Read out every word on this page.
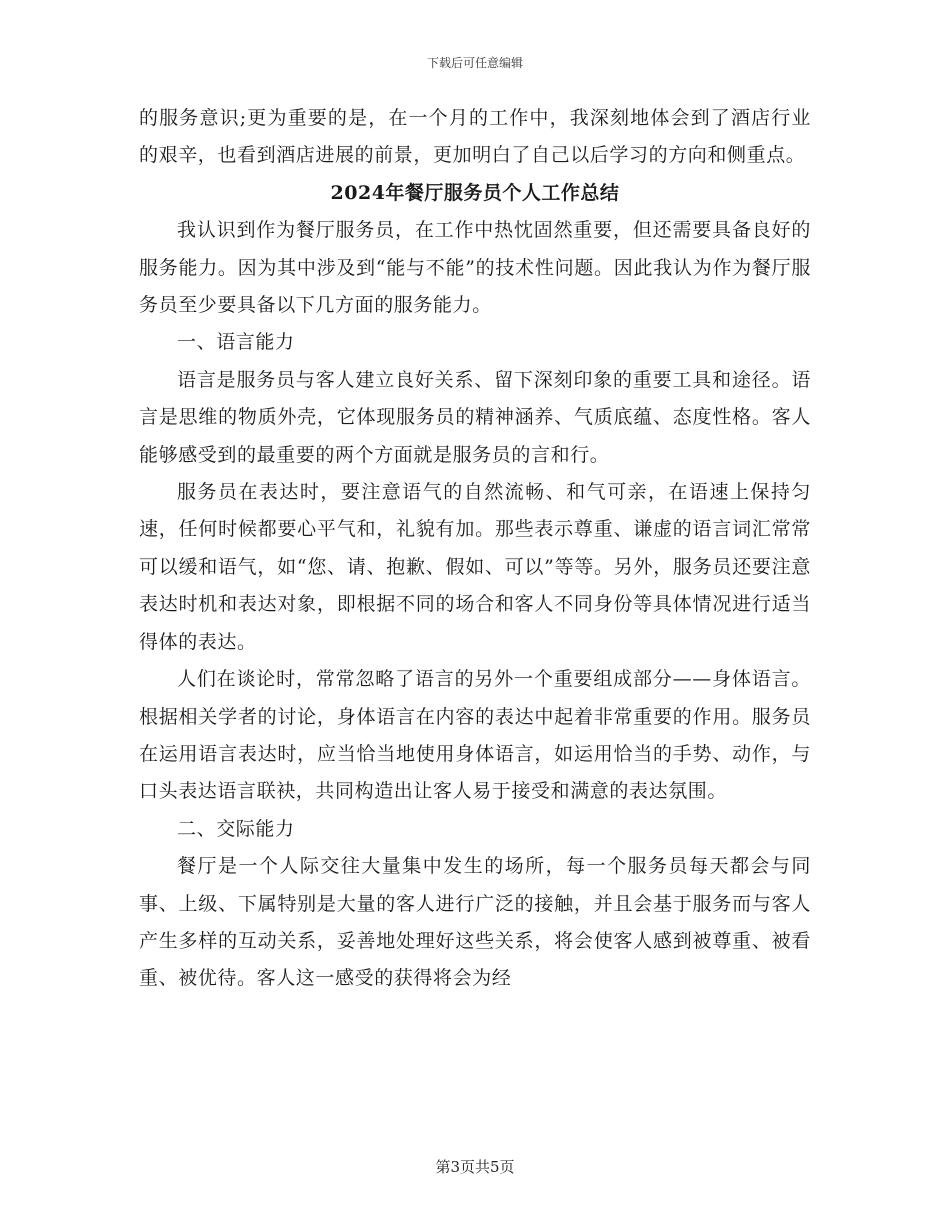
下载后可任意编辑

的服务意识;更为重要的是，在一个月的工作中，我深刻地体会到了酒店行业的艰辛，也看到酒店进展的前景，更加明白了自己以后学习的方向和侧重点。

2024年餐厅服务员个人工作总结

我认识到作为餐厅服务员，在工作中热忱固然重要，但还需要具备良好的服务能力。因为其中涉及到“能与不能”的技术性问题。因此我认为作为餐厅服务员至少要具备以下几方面的服务能力。

一、语言能力

语言是服务员与客人建立良好关系、留下深刻印象的重要工具和途径。语言是思维的物质外壳，它体现服务员的精神涵养、气质底蕴、态度性格。客人能够感受到的最重要的两个方面就是服务员的言和行。

服务员在表达时，要注意语气的自然流畅、和气可亲，在语速上保持匀速，任何时候都要心平气和，礼貌有加。那些表示尊重、谦虚的语言词汇常常可以缓和语气，如“您、请、抱歉、假如、可以”等等。另外，服务员还要注意表达时机和表达对象，即根据不同的场合和客人不同身份等具体情况进行适当得体的表达。

人们在谈论时，常常忽略了语言的另外一个重要组成部分——身体语言。根据相关学者的讨论，身体语言在内容的表达中起着非常重要的作用。服务员在运用语言表达时，应当恰当地使用身体语言，如运用恰当的手势、动作，与口头表达语言联袂，共同构造出让客人易于接受和满意的表达氛围。

二、交际能力

餐厅是一个人际交往大量集中发生的场所，每一个服务员每天都会与同事、上级、下属特别是大量的客人进行广泛的接触，并且会基于服务而与客人产生多样的互动关系，妥善地处理好这些关系，将会使客人感到被尊重、被看重、被优待。客人这一感受的获得将会为经

第3页共5页
